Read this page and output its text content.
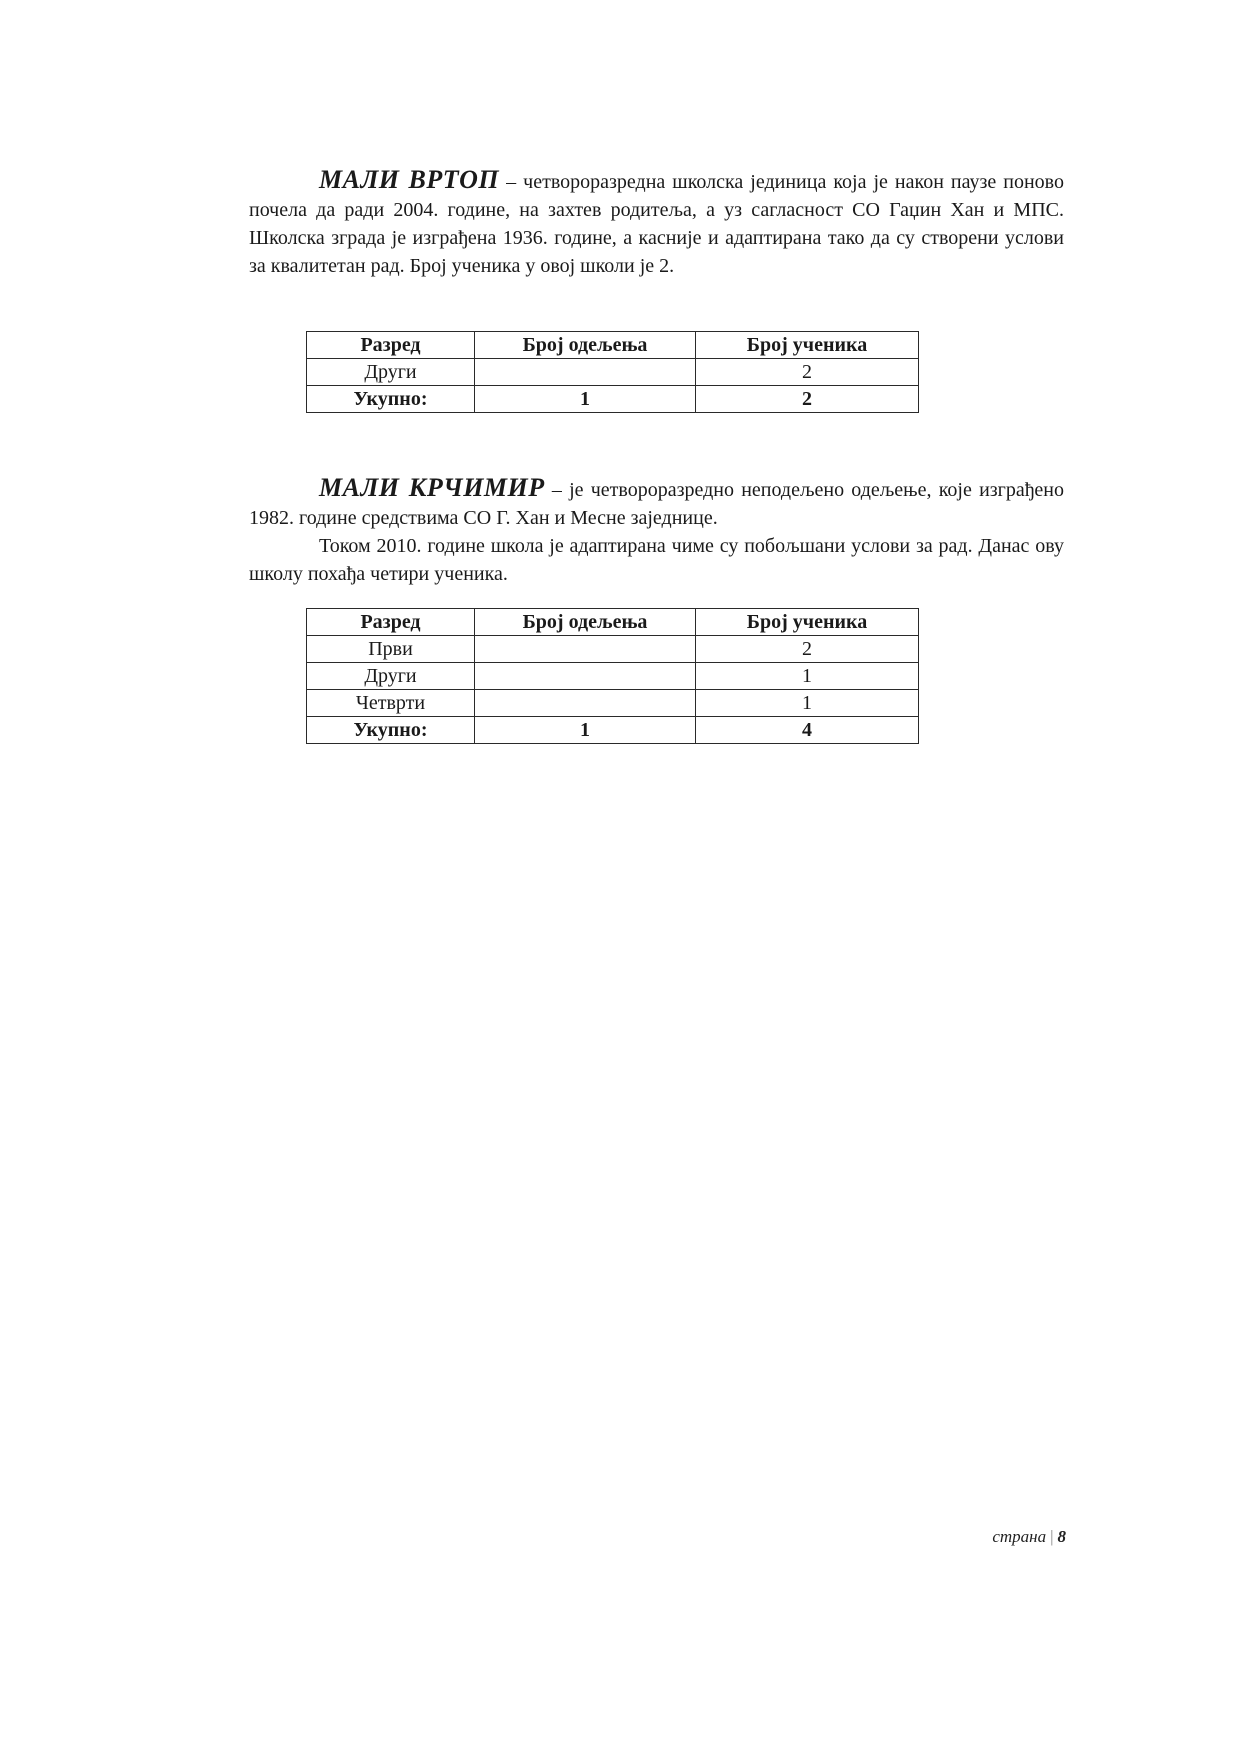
МАЛИ ВРТОП – четвороразредна школска јединица која је након паузе поново почела да ради 2004. године, на захтев родитеља, а уз сагласност СО Гаџин Хан и МПС. Школска зграда је изграђена 1936. године, а касније и адаптирана тако да су створени услови за квалитетан рад. Број ученика у овој школи је 2.

Разред	Број одељења	Број ученика
Други		2
Укупно:	1	2

МАЛИ КРЧИМИР – је четвороразредно неподељено одељење, које изграђено 1982. године средствима СО Г. Хан и Месне заједнице.

Током 2010. године школа је адаптирана чиме су побољшани услови за рад. Данас ову школу похађа четири ученика.

Разред	Број одељења	Број ученика
Први		2
Други		1
Четврти		1
Укупно:	1	4
страна | 8
